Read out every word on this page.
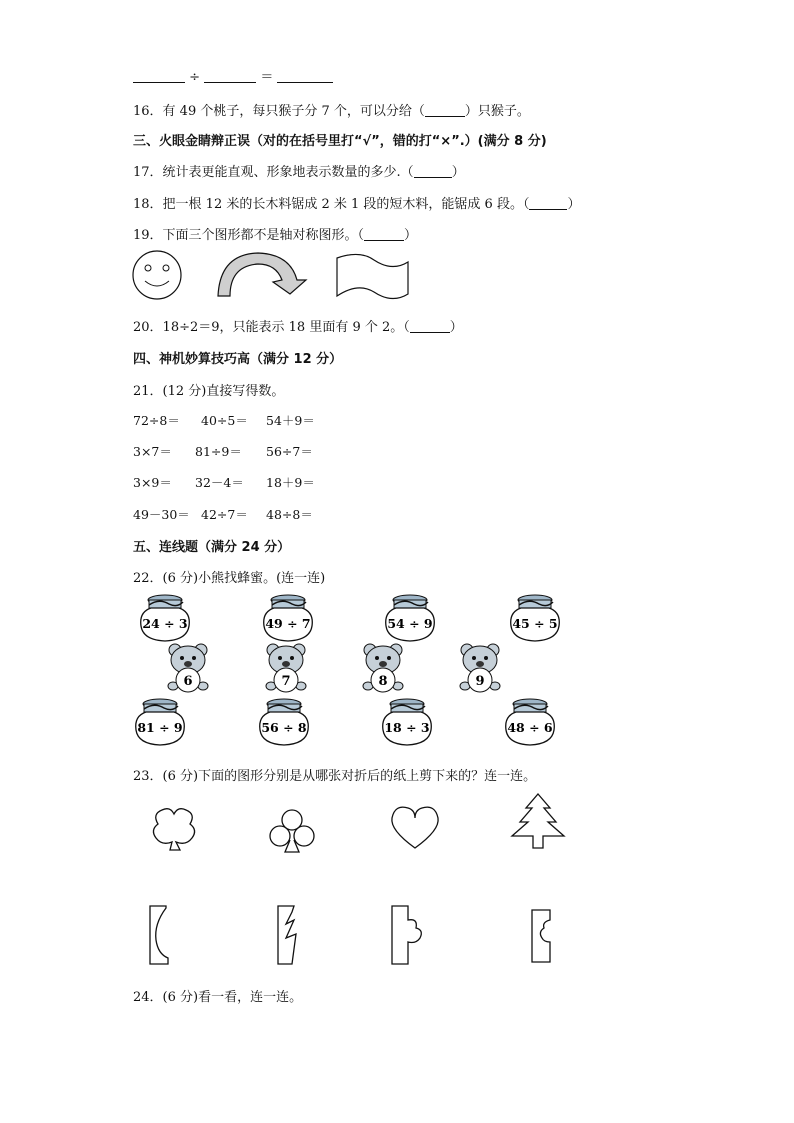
÷	＝
16．有 49 个桃子，每只猴子分 7 个，可以分给（	）只猴子。
三、火眼金睛辩正误（对的在括号里打“√”，错的打“×”.）(满分 8 分)
17．统计表更能直观、形象地表示数量的多少.（	）
18．把一根 12 米的长木料锯成 2 米 1 段的短木料，能锯成 6 段。（	）
19．下面三个图形都不是轴对称图形。（	）
20．18÷2＝9，只能表示 18 里面有 9 个 2。（	）
四、神机妙算技巧高（满分 12 分）
21．(12 分)直接写得数。
72÷8＝ 40÷5＝ 54＋9＝
3×7＝ 81÷9＝ 56÷7＝
3×9＝ 32－4＝ 18＋9＝
49－30＝ 42÷7＝ 48÷8＝
五、连线题（满分 24 分）
22．(6 分)小熊找蜂蜜。(连一连)
24 ÷ 3	49 ÷ 7	54 ÷ 9	45 ÷ 5
6	7	8	9
81 ÷ 9	56 ÷ 8	18 ÷ 3	48 ÷ 6
23．(6 分)下面的图形分别是从哪张对折后的纸上剪下来的？连一连。
24．(6 分)看一看，连一连。
